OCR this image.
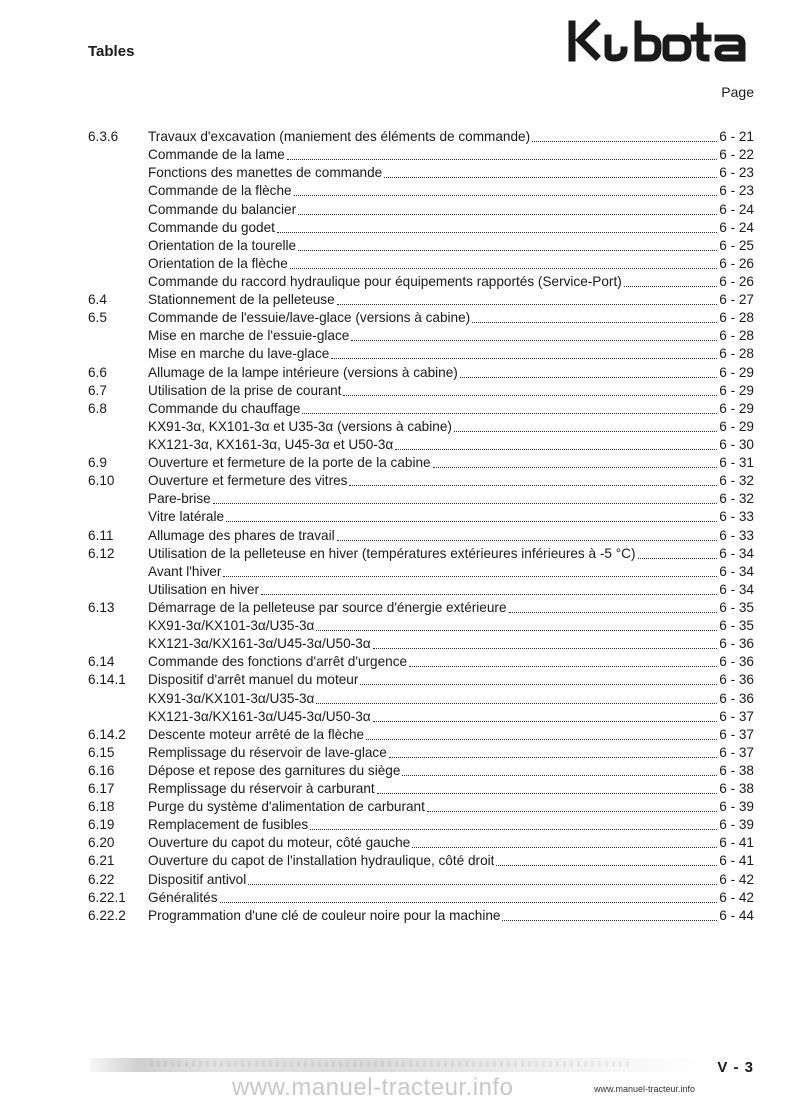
Tables
Page
6.3.6	Travaux d'excavation (maniement des éléments de commande)	6 - 21
Commande de la lame	6 - 22
Fonctions des manettes de commande	6 - 23
Commande de la flèche	6 - 23
Commande du balancier	6 - 24
Commande du godet	6 - 24
Orientation de la tourelle	6 - 25
Orientation de la flèche	6 - 26
Commande du raccord hydraulique pour équipements rapportés (Service-Port)	6 - 26
6.4	Stationnement de la pelleteuse	6 - 27
6.5	Commande de l'essuie/lave-glace (versions à cabine)	6 - 28
Mise en marche de l'essuie-glace	6 - 28
Mise en marche du lave-glace	6 - 28
6.6	Allumage de la lampe intérieure (versions à cabine)	6 - 29
6.7	Utilisation de la prise de courant	6 - 29
6.8	Commande du chauffage	6 - 29
KX91-3α, KX101-3α et U35-3α (versions à cabine)	6 - 29
KX121-3α, KX161-3α, U45-3α et U50-3α	6 - 30
6.9	Ouverture et fermeture de la porte de la cabine	6 - 31
6.10	Ouverture et fermeture des vitres	6 - 32
Pare-brise	6 - 32
Vitre latérale	6 - 33
6.11	Allumage des phares de travail	6 - 33
6.12	Utilisation de la pelleteuse en hiver (températures extérieures inférieures à -5 °C)	6 - 34
Avant l'hiver	6 - 34
Utilisation en hiver	6 - 34
6.13	Démarrage de la pelleteuse par source d'énergie extérieure	6 - 35
KX91-3α/KX101-3α/U35-3α	6 - 35
KX121-3α/KX161-3α/U45-3α/U50-3α	6 - 36
6.14	Commande des fonctions d'arrêt d'urgence	6 - 36
6.14.1	Dispositif d'arrêt manuel du moteur	6 - 36
KX91-3α/KX101-3α/U35-3α	6 - 36
KX121-3α/KX161-3α/U45-3α/U50-3α	6 - 37
6.14.2	Descente moteur arrêté de la flèche	6 - 37
6.15	Remplissage du réservoir de lave-glace	6 - 37
6.16	Dépose et repose des garnitures du siège	6 - 38
6.17	Remplissage du réservoir à carburant	6 - 38
6.18	Purge du système d'alimentation de carburant	6 - 39
6.19	Remplacement de fusibles	6 - 39
6.20	Ouverture du capot du moteur, côté gauche	6 - 41
6.21	Ouverture du capot de l'installation hydraulique, côté droit	6 - 41
6.22	Dispositif antivol	6 - 42
6.22.1	Généralités	6 - 42
6.22.2	Programmation d'une clé de couleur noire pour la machine	6 - 44
V - 3
www.manuel-tracteur.info	www.manuel-tracteur.info
